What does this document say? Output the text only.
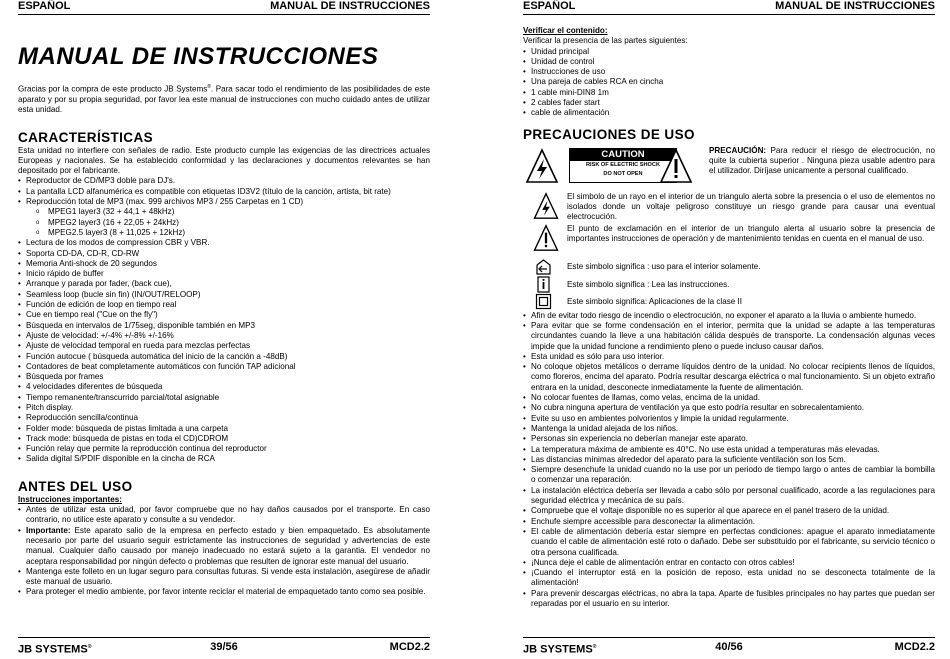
ESPAÑOL	MANUAL DE INSTRUCCIONES
MANUAL DE INSTRUCCIONES

Gracias por la compra de este producto JB Systems®. Para sacar todo el rendimiento de las posibilidades de este aparato y por su propia seguridad, por favor lea este manual de instrucciones con mucho cuidado antes de utilizar esta unidad.

CARACTERÍSTICAS

Esta unidad no interfiere con señales de radio. Este producto cumple las exigencias de las directrices actuales Europeas y nacionales. Se ha establecido conformidad y las declaraciones y documentos relevantes se han depositado por el fabricante.

• Reproductor de CD/MP3 doble para DJ's.
• La pantalla LCD alfanumérica es compatible con etiquetas ID3V2 (título de la canción, artista, bit rate)
• Reproducción total de MP3 (max. 999 archivos MP3 / 255 Carpetas en 1 CD)
o MPEG1 layer3 (32 + 44,1 + 48kHz)
o MPEG2 layer3 (16 + 22,05 + 24kHz)
o MPEG2.5 layer3 (8 + 11,025 + 12kHz)
• Lectura de los modos de compression CBR y VBR.
• Soporta CD-DA, CD-R, CD-RW
• Memoria Anti-shock de 20 segundos
• Inicio rápido de buffer
• Arranque y parada por fader, (back cue),
• Seamless loop (bucle sin fin) (IN/OUT/RELOOP)
• Función de edición de loop en tiempo real
• Cue en tiempo real ("Cue on the fly")
• Búsqueda en intervalos de 1/75seg, disponible también en MP3
• Ajuste de velocidad: +/-4% +/-8% +/-16%
• Ajuste de velocidad temporal en rueda para mezclas perfectas
• Función autocue ( búsqueda automática del inicio de la canción a -48dB)
• Contadores de beat completamente automáticos con función TAP adicional
• Búsqueda por frames
• 4 velocidades diferentes de búsqueda
• Tiempo remanente/transcurrido parcial/total asignable
• Pitch display.
• Reproducción sencilla/continua
• Folder mode: búsqueda de pistas limitada a una carpeta
• Track mode: búsqueda de pistas en toda el CD)CDROM
• Función relay que permite la reproducción continua del reproductor
• Salida digital S/PDIF disponible en la cincha de RCA
ANTES DEL USO
Instrucciones importantes:
• Antes de utilizar esta unidad, por favor compruebe que no hay daños causados por el transporte. En caso contrario, no utilice este aparato y consulte a su vendedor.
• Importante: Este aparato salio de la empresa en perfecto estado y bien empaquetado. Es absolutamente necesario por parte del usuario seguir estrictamente las instrucciones de seguridad y advertencias de este manual. Cualquier daño causado por manejo inadecuado no estará sujeto a la garantia. El vendedor no aceptara responsabilidad por ningún defecto o problemas que resulten de ignorar este manual del usuario.
• Mantenga este folleto en un lugar seguro para consultas futuras. Si vende esta instalación, asegúrese de añadir este manual de usuario.
• Para proteger el medio ambiente, por favor intente reciclar el material de empaquetado tanto como sea posible.
JB SYSTEMS®	39/56	MCD2.2
ESPAÑOL	MANUAL DE INSTRUCCIONES
Verificar el contenido:

Verificar la presencia de las partes siguientes:

• Unidad principal
• Unidad de control
• Instrucciones de uso
• Una pareja de cables RCA en cincha
• 1 cable mini-DIN8 1m
• 2 cables fader start
• cable de alimentación
PRECAUCIONES DE USO
CAUTION
RISK OF ELECTRIC SHOCK
DO NOT OPEN
PRECAUCIÓN: Para reducir el riesgo de electrocución, no quite la cubierta superior . Ninguna pieza usable adentro para el utilizador. Diríjase unicamente a personal cualificado.
El simbolo de un rayo en el interior de un triangulo alerta sobre la presencia o el uso de elementos no isolados donde un voltaje peligroso constituye un riesgo grande para causar una eventual electrocución.
El punto de exclamación en el interior de un triangulo alerta al usuario sobre la presencia de importantes instrucciones de operación y de mantenimiento tenidas en cuenta en el manual de uso.
Este simbolo significa : uso para el interior solamente.
Este simbolo significa : Lea las instrucciones.
Este simbolo significa: Aplicaciones de la clase II
• Afin de evitar todo riesgo de incendio o electrocución, no exponer el aparato a la lluvia o ambiente humedo.
• Para evitar que se forme condensación en el interior, permita que la unidad se adapte a las temperaturas circundantes cuando la lleve a una habitación cálida después de transporte. La condensación algunas veces impide que la unidad funcione a rendimiento pleno o puede incluso causar daños.
• Esta unidad es sólo para uso interior.
• No coloque objetos metálicos o derrame líquidos dentro de la unidad. No colocar recipients llenos de líquidos, como floreros, encima del aparato. Podría resultar descarga eléctrica o mal funcionamiento. Si un objeto extraño entrara en la unidad, desconecte inmediatamente la fuente de alimentación.
• No colocar fuentes de llamas, como velas, encima de la unidad.
• No cubra ninguna apertura de ventilación ya que esto podría resultar en sobrecalentamiento.
• Evite su uso en ambientes polvorientos y limpie la unidad regularmente.
• Mantenga la unidad alejada de los niños.
• Personas sin experiencia no deberían manejar este aparato.
• La temperatura máxima de ambiente es 40°C. No use esta unidad a temperaturas más elevadas.
• Las distancias mínimas alrededor del aparato para la suficiente ventilación son los 5cm.
• Siempre desenchufe la unidad cuando no la use por un periodo de tiempo largo o antes de cambiar la bombilla o comenzar una reparación.
• La instalación eléctrica debería ser llevada a cabo sólo por personal cualificado, acorde a las regulaciones para seguridad eléctrica y mecánica de su país.
• Compruebe que el voltaje disponible no es superior al que aparece en el panel trasero de la unidad.
• Enchufe siempre accessible para desconectar la alimentación.
• El cable de alimentación debería estar siempre en perfectas condiciones: apague el aparato inmediatamente cuando el cable de alimentación esté roto o dañado. Debe ser substituido por el fabricante, su servicio técnico o otra persona cualificada.
• ¡Nunca deje el cable de alimentación entrar en contacto con otros cables!
• ¡Cuando el interruptor está en la posición de reposo, esta unidad no se desconecta totalmente de la alimentación!
• Para prevenir descargas eléctricas, no abra la tapa. Aparte de fusibles principales no hay partes que puedan ser reparadas por el usuario en su interior.
JB SYSTEMS®	40/56	MCD2.2
